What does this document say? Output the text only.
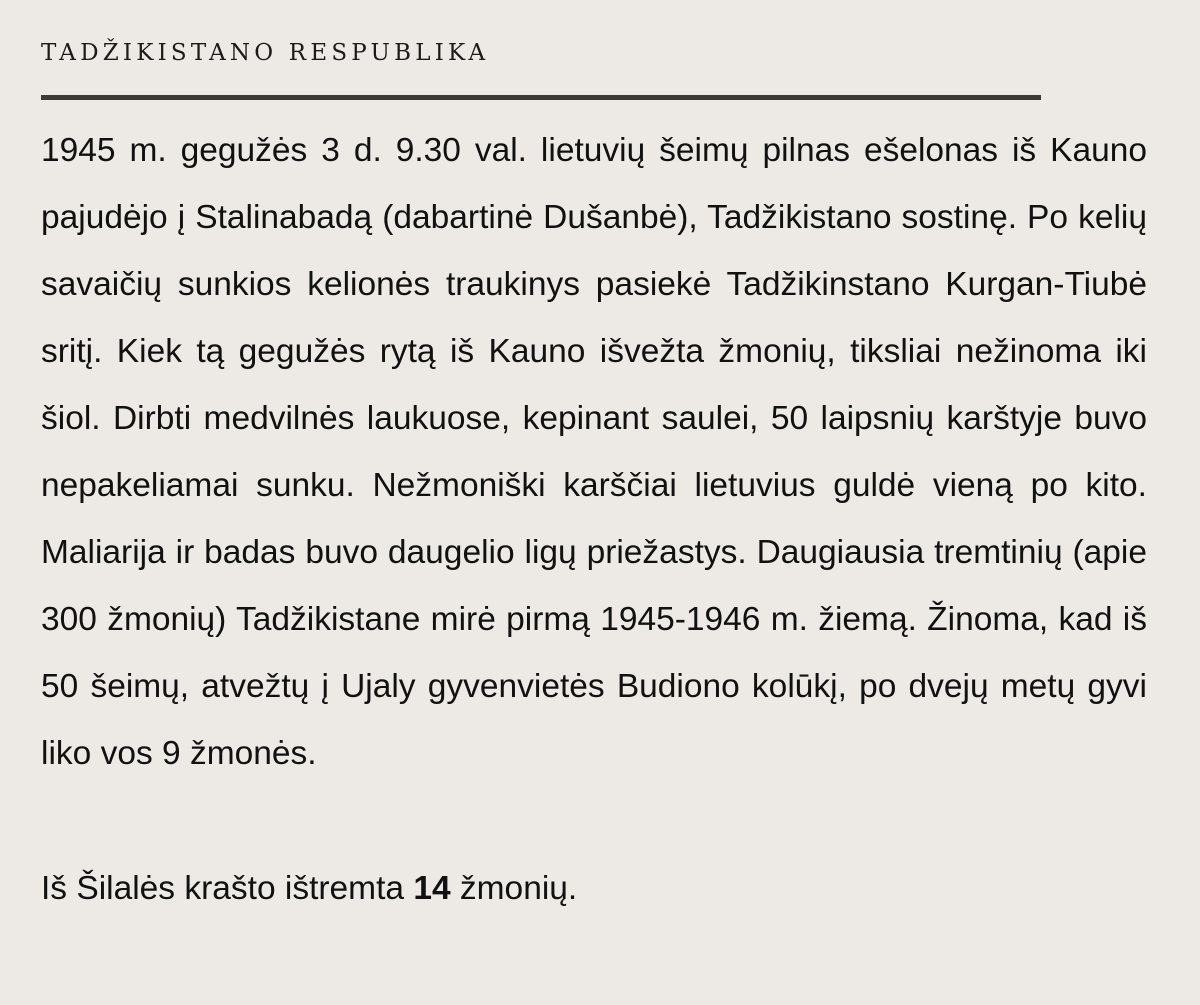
TADŽIKISTANO RESPUBLIKA

1945 m. gegužės 3 d. 9.30 val. lietuvių šeimų pilnas ešelonas iš Kauno pajudėjo į Stalinabadą (dabartinė Dušanbė), Tadžikistano sostinę. Po kelių savaičių sunkios kelionės traukinys pasiekė Tadžikinstano Kurgan-Tiubė sritį. Kiek tą gegužės rytą iš Kauno išvežta žmonių, tiksliai nežinoma iki šiol. Dirbti medvilnės laukuose, kepinant saulei, 50 laipsnių karštyje buvo nepakeliamai sunku. Nežmoniški karščiai lietuvius guldė vieną po kito. Maliarija ir badas buvo daugelio ligų priežastys. Daugiausia tremtinių (apie 300 žmonių) Tadžikistane mirė pirmą 1945-1946 m. žiemą. Žinoma, kad iš 50 šeimų, atvežtų į Ujaly gyvenvietės Budiono kolūkį, po dvejų metų gyvi liko vos 9 žmonės.

Iš Šilalės krašto ištremta 14 žmonių.
